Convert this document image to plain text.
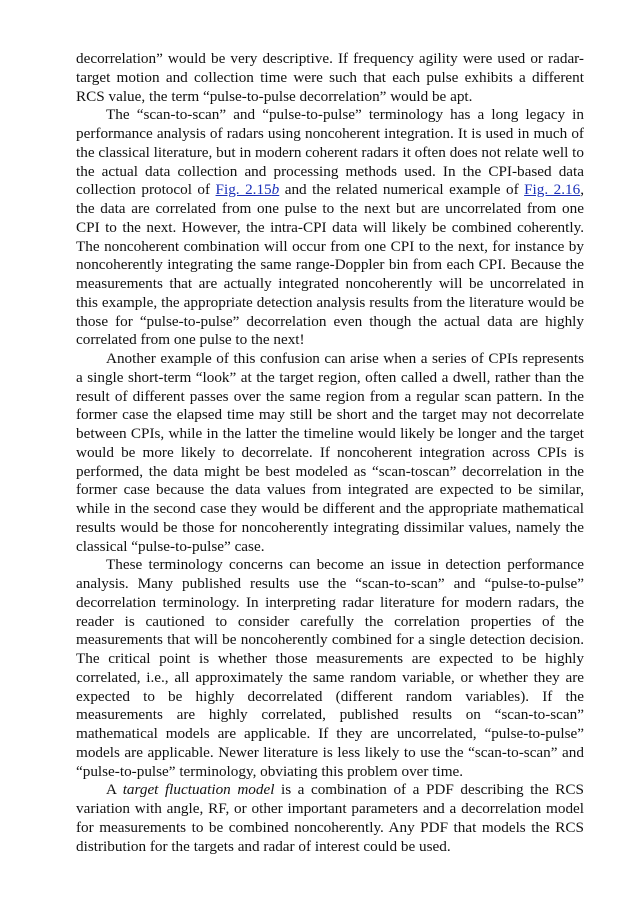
decorrelation” would be very descriptive. If frequency agility were used or radar-target motion and collection time were such that each pulse exhibits a different RCS value, the term “pulse-to-pulse decorrelation” would be apt.

The “scan-to-scan” and “pulse-to-pulse” terminology has a long legacy in performance analysis of radars using noncoherent integration. It is used in much of the classical literature, but in modern coherent radars it often does not relate well to the actual data collection and processing methods used. In the CPI-based data collection protocol of Fig. 2.15b and the related numerical example of Fig. 2.16, the data are correlated from one pulse to the next but are uncorrelated from one CPI to the next. However, the intra-CPI data will likely be combined coherently. The noncoherent combination will occur from one CPI to the next, for instance by noncoherently integrating the same range-Doppler bin from each CPI. Because the measurements that are actually integrated noncoherently will be uncorrelated in this example, the appropriate detection analysis results from the literature would be those for “pulse-to-pulse” decorrelation even though the actual data are highly correlated from one pulse to the next!

Another example of this confusion can arise when a series of CPIs represents a single short-term “look” at the target region, often called a dwell, rather than the result of different passes over the same region from a regular scan pattern. In the former case the elapsed time may still be short and the target may not decorrelate between CPIs, while in the latter the timeline would likely be longer and the target would be more likely to decorrelate. If noncoherent integration across CPIs is performed, the data might be best modeled as “scan-toscan” decorrelation in the former case because the data values from integrated are expected to be similar, while in the second case they would be different and the appropriate mathematical results would be those for noncoherently integrating dissimilar values, namely the classical “pulse-to-pulse” case.

These terminology concerns can become an issue in detection performance analysis. Many published results use the “scan-to-scan” and “pulse-to-pulse” decorrelation terminology. In interpreting radar literature for modern radars, the reader is cautioned to consider carefully the correlation properties of the measurements that will be noncoherently combined for a single detection decision. The critical point is whether those measurements are expected to be highly correlated, i.e., all approximately the same random variable, or whether they are expected to be highly decorrelated (different random variables). If the measurements are highly correlated, published results on “scan-to-scan” mathematical models are applicable. If they are uncorrelated, “pulse-to-pulse” models are applicable. Newer literature is less likely to use the “scan-to-scan” and “pulse-to-pulse” terminology, obviating this problem over time.

A target fluctuation model is a combination of a PDF describing the RCS variation with angle, RF, or other important parameters and a decorrelation model for measurements to be combined noncoherently. Any PDF that models the RCS distribution for the targets and radar of interest could be used.
